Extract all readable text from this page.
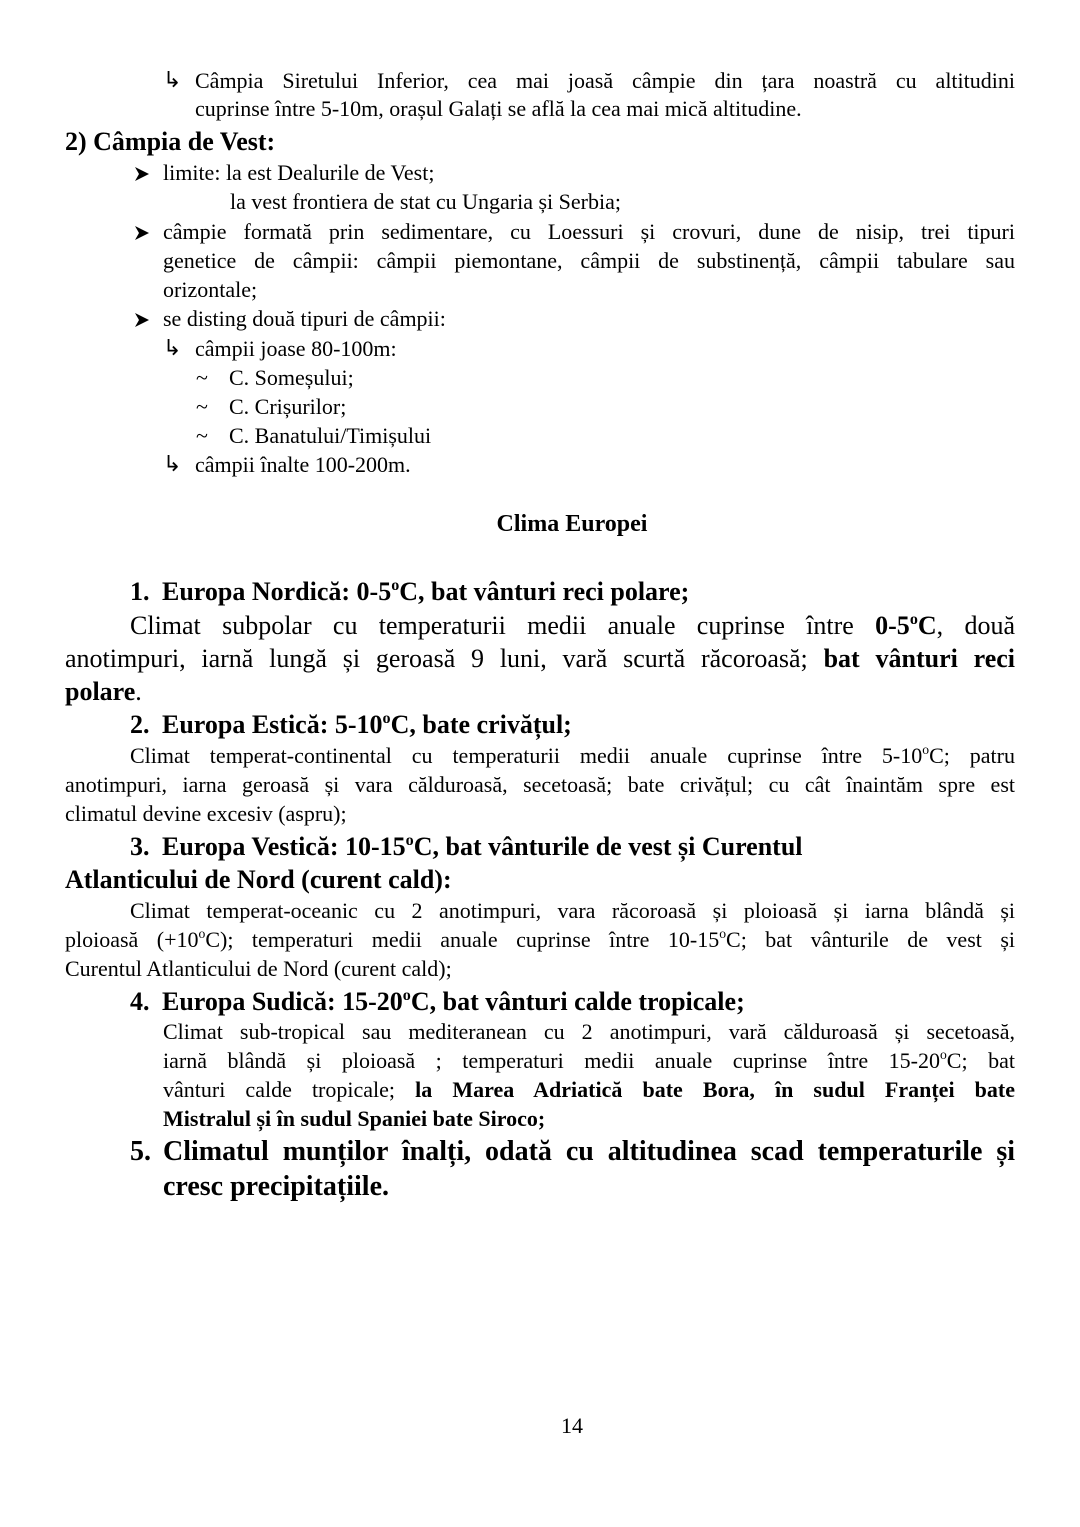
↳ Câmpia Siretului Inferior, cea mai joasă câmpie din țara noastră cu altitudini
cuprinse între 5-10m, orașul Galați se află la cea mai mică altitudine.
2) Câmpia de Vest:
limite: la est Dealurile de Vest;
la vest frontiera de stat cu Ungaria și Serbia;
câmpie formată prin sedimentare, cu Loessuri și crovuri, dune de nisip, trei tipuri
genetice de câmpii: câmpii piemontane, câmpii de substinență, câmpii tabulare sau
orizontale;
se disting două tipuri de câmpii:
↳ câmpii joase 80-100m:
~ C. Someșului;
~ C. Crișurilor;
~ C. Banatului/Timișului
↳ câmpii înalte 100-200m.
Clima Europei
1. Europa Nordică: 0-5$^o$C, bat vânturi reci polare;
Climat subpolar cu temperaturii medii anuale cuprinse între 0-5$^o$C, două
anotimpuri, iarnă lungă și geroasă 9 luni, vară scurtă răcoroasă; bat vânturi reci
polare.
2. Europa Estică: 5-10$^o$C, bate crivățul;
Climat temperat-continental cu temperaturii medii anuale cuprinse între 5-10$^o$C; patru
anotimpuri, iarna geroasă și vara călduroasă, secetoasă; bate crivățul; cu cât înaintăm spre est
climatul devine excesiv (aspru);
3. Europa Vestică: 10-15$^o$C, bat vânturile de vest și Curentul
Atlanticului de Nord (curent cald):
Climat temperat-oceanic cu 2 anotimpuri, vara răcoroasă și ploioasă și iarna blândă și
ploioasă $(+10^oC)$; temperaturi medii anuale cuprinse între 10-15$^o$C; bat vânturile de vest și
Curentul Atlanticului de Nord (curent cald);
4. Europa Sudică: 15-20$^o$C, bat vânturi calde tropicale;
Climat sub-tropical sau mediteranean cu 2 anotimpuri, vară călduroasă și secetoasă,
iarnă blândă și ploioasă ; temperaturi medii anuale cuprinse între 15-20$^o$C; bat
vânturi calde tropicale; la Marea Adriatică bate Bora, în sudul Franței bate
Mistralul și în sudul Spaniei bate Siroco;
5. Climatul munților înalți, odată cu altitudinea scad temperaturile și
cresc precipitațiile.
14
